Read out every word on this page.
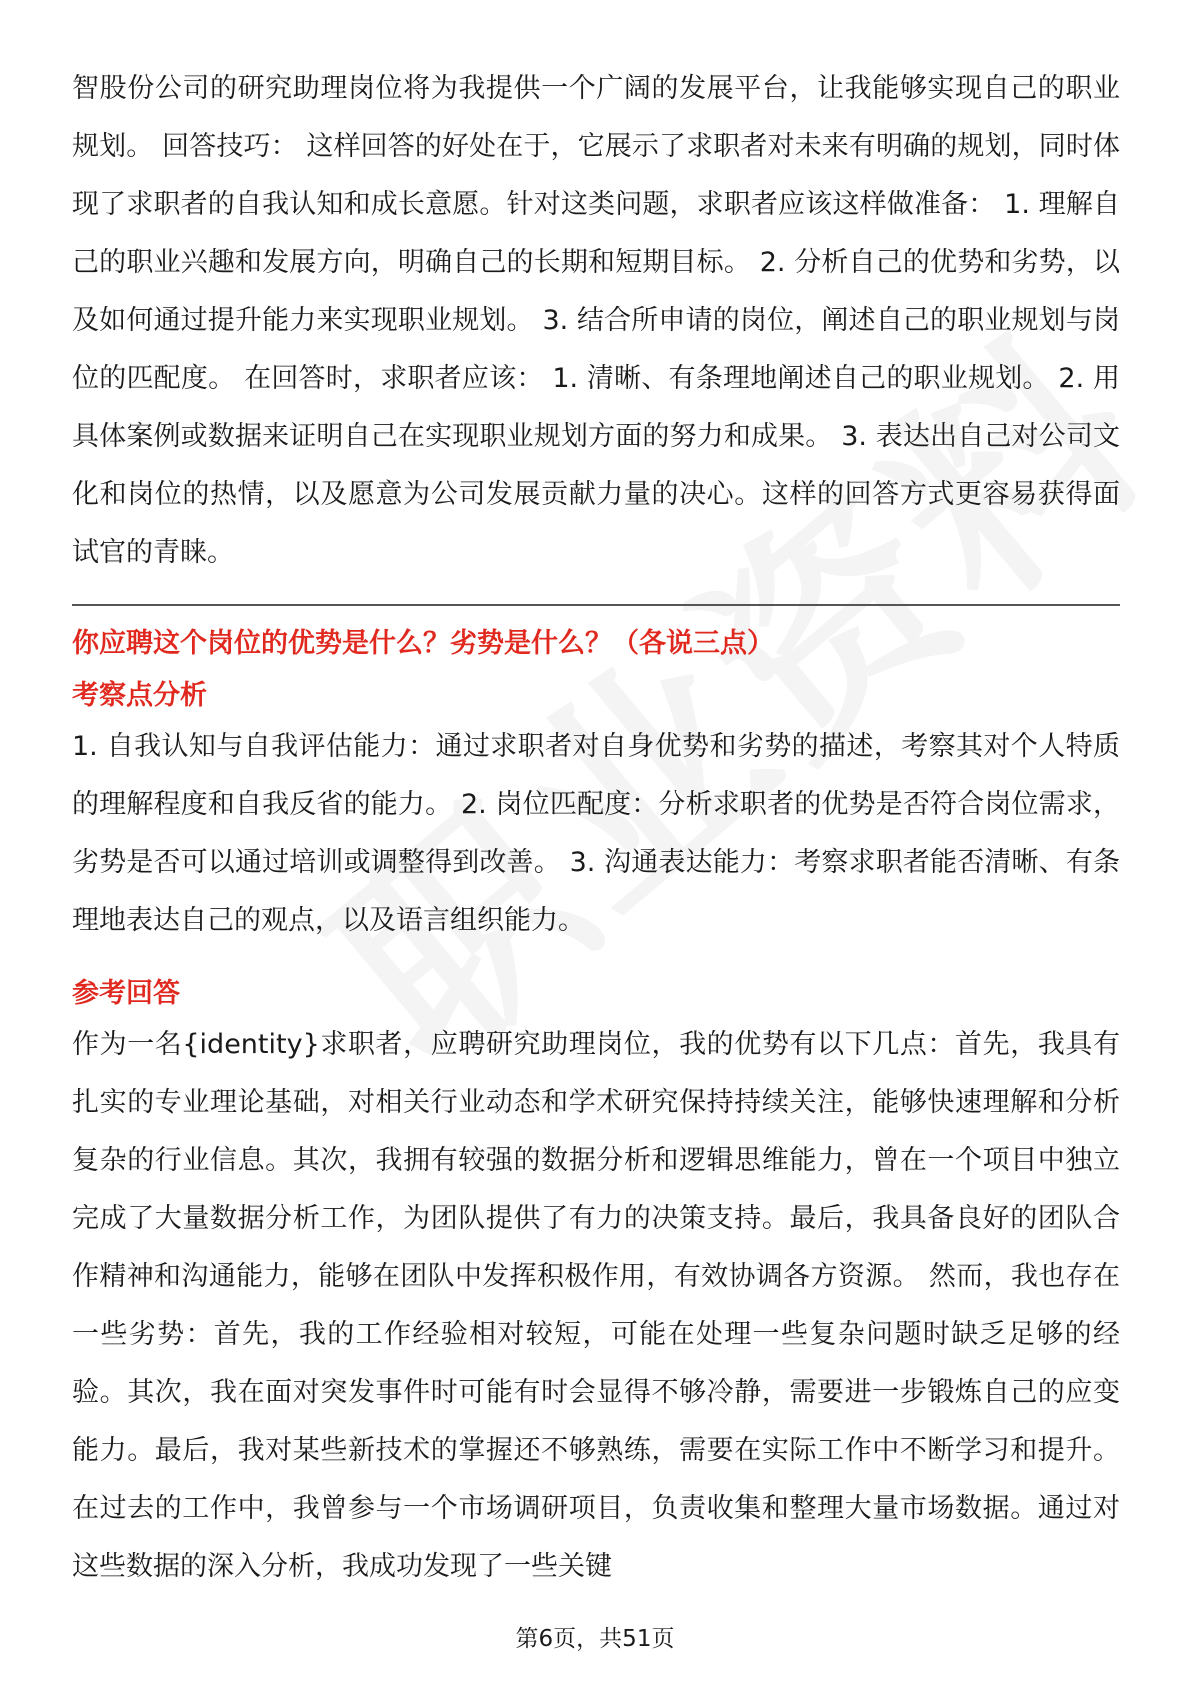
智股份公司的研究助理岗位将为我提供一个广阔的发展平台，让我能够实现自己的职业规划。 回答技巧： 这样回答的好处在于，它展示了求职者对未来有明确的规划，同时体现了求职者的自我认知和成长意愿。针对这类问题，求职者应该这样做准备： 1. 理解自己的职业兴趣和发展方向，明确自己的长期和短期目标。 2. 分析自己的优势和劣势，以及如何通过提升能力来实现职业规划。 3. 结合所申请的岗位，阐述自己的职业规划与岗位的匹配度。 在回答时，求职者应该： 1. 清晰、有条理地阐述自己的职业规划。 2. 用具体案例或数据来证明自己在实现职业规划方面的努力和成果。 3. 表达出自己对公司文化和岗位的热情，以及愿意为公司发展贡献力量的决心。这样的回答方式更容易获得面试官的青睐。

你应聘这个岗位的优势是什么？劣势是什么？（各说三点）

考察点分析

1. 自我认知与自我评估能力：通过求职者对自身优势和劣势的描述，考察其对个人特质的理解程度和自我反省的能力。 2. 岗位匹配度：分析求职者的优势是否符合岗位需求，劣势是否可以通过培训或调整得到改善。 3. 沟通表达能力：考察求职者能否清晰、有条理地表达自己的观点，以及语言组织能力。

参考回答

作为一名{identity}求职者，应聘研究助理岗位，我的优势有以下几点：首先，我具有扎实的专业理论基础，对相关行业动态和学术研究保持持续关注，能够快速理解和分析复杂的行业信息。其次，我拥有较强的数据分析和逻辑思维能力，曾在一个项目中独立完成了大量数据分析工作，为团队提供了有力的决策支持。最后，我具备良好的团队合作精神和沟通能力，能够在团队中发挥积极作用，有效协调各方资源。 然而，我也存在一些劣势：首先，我的工作经验相对较短，可能在处理一些复杂问题时缺乏足够的经验。其次，我在面对突发事件时可能有时会显得不够冷静，需要进一步锻炼自己的应变能力。最后，我对某些新技术的掌握还不够熟练，需要在实际工作中不断学习和提升。 在过去的工作中，我曾参与一个市场调研项目，负责收集和整理大量市场数据。通过对这些数据的深入分析，我成功发现了一些关键

第6页，共51页
